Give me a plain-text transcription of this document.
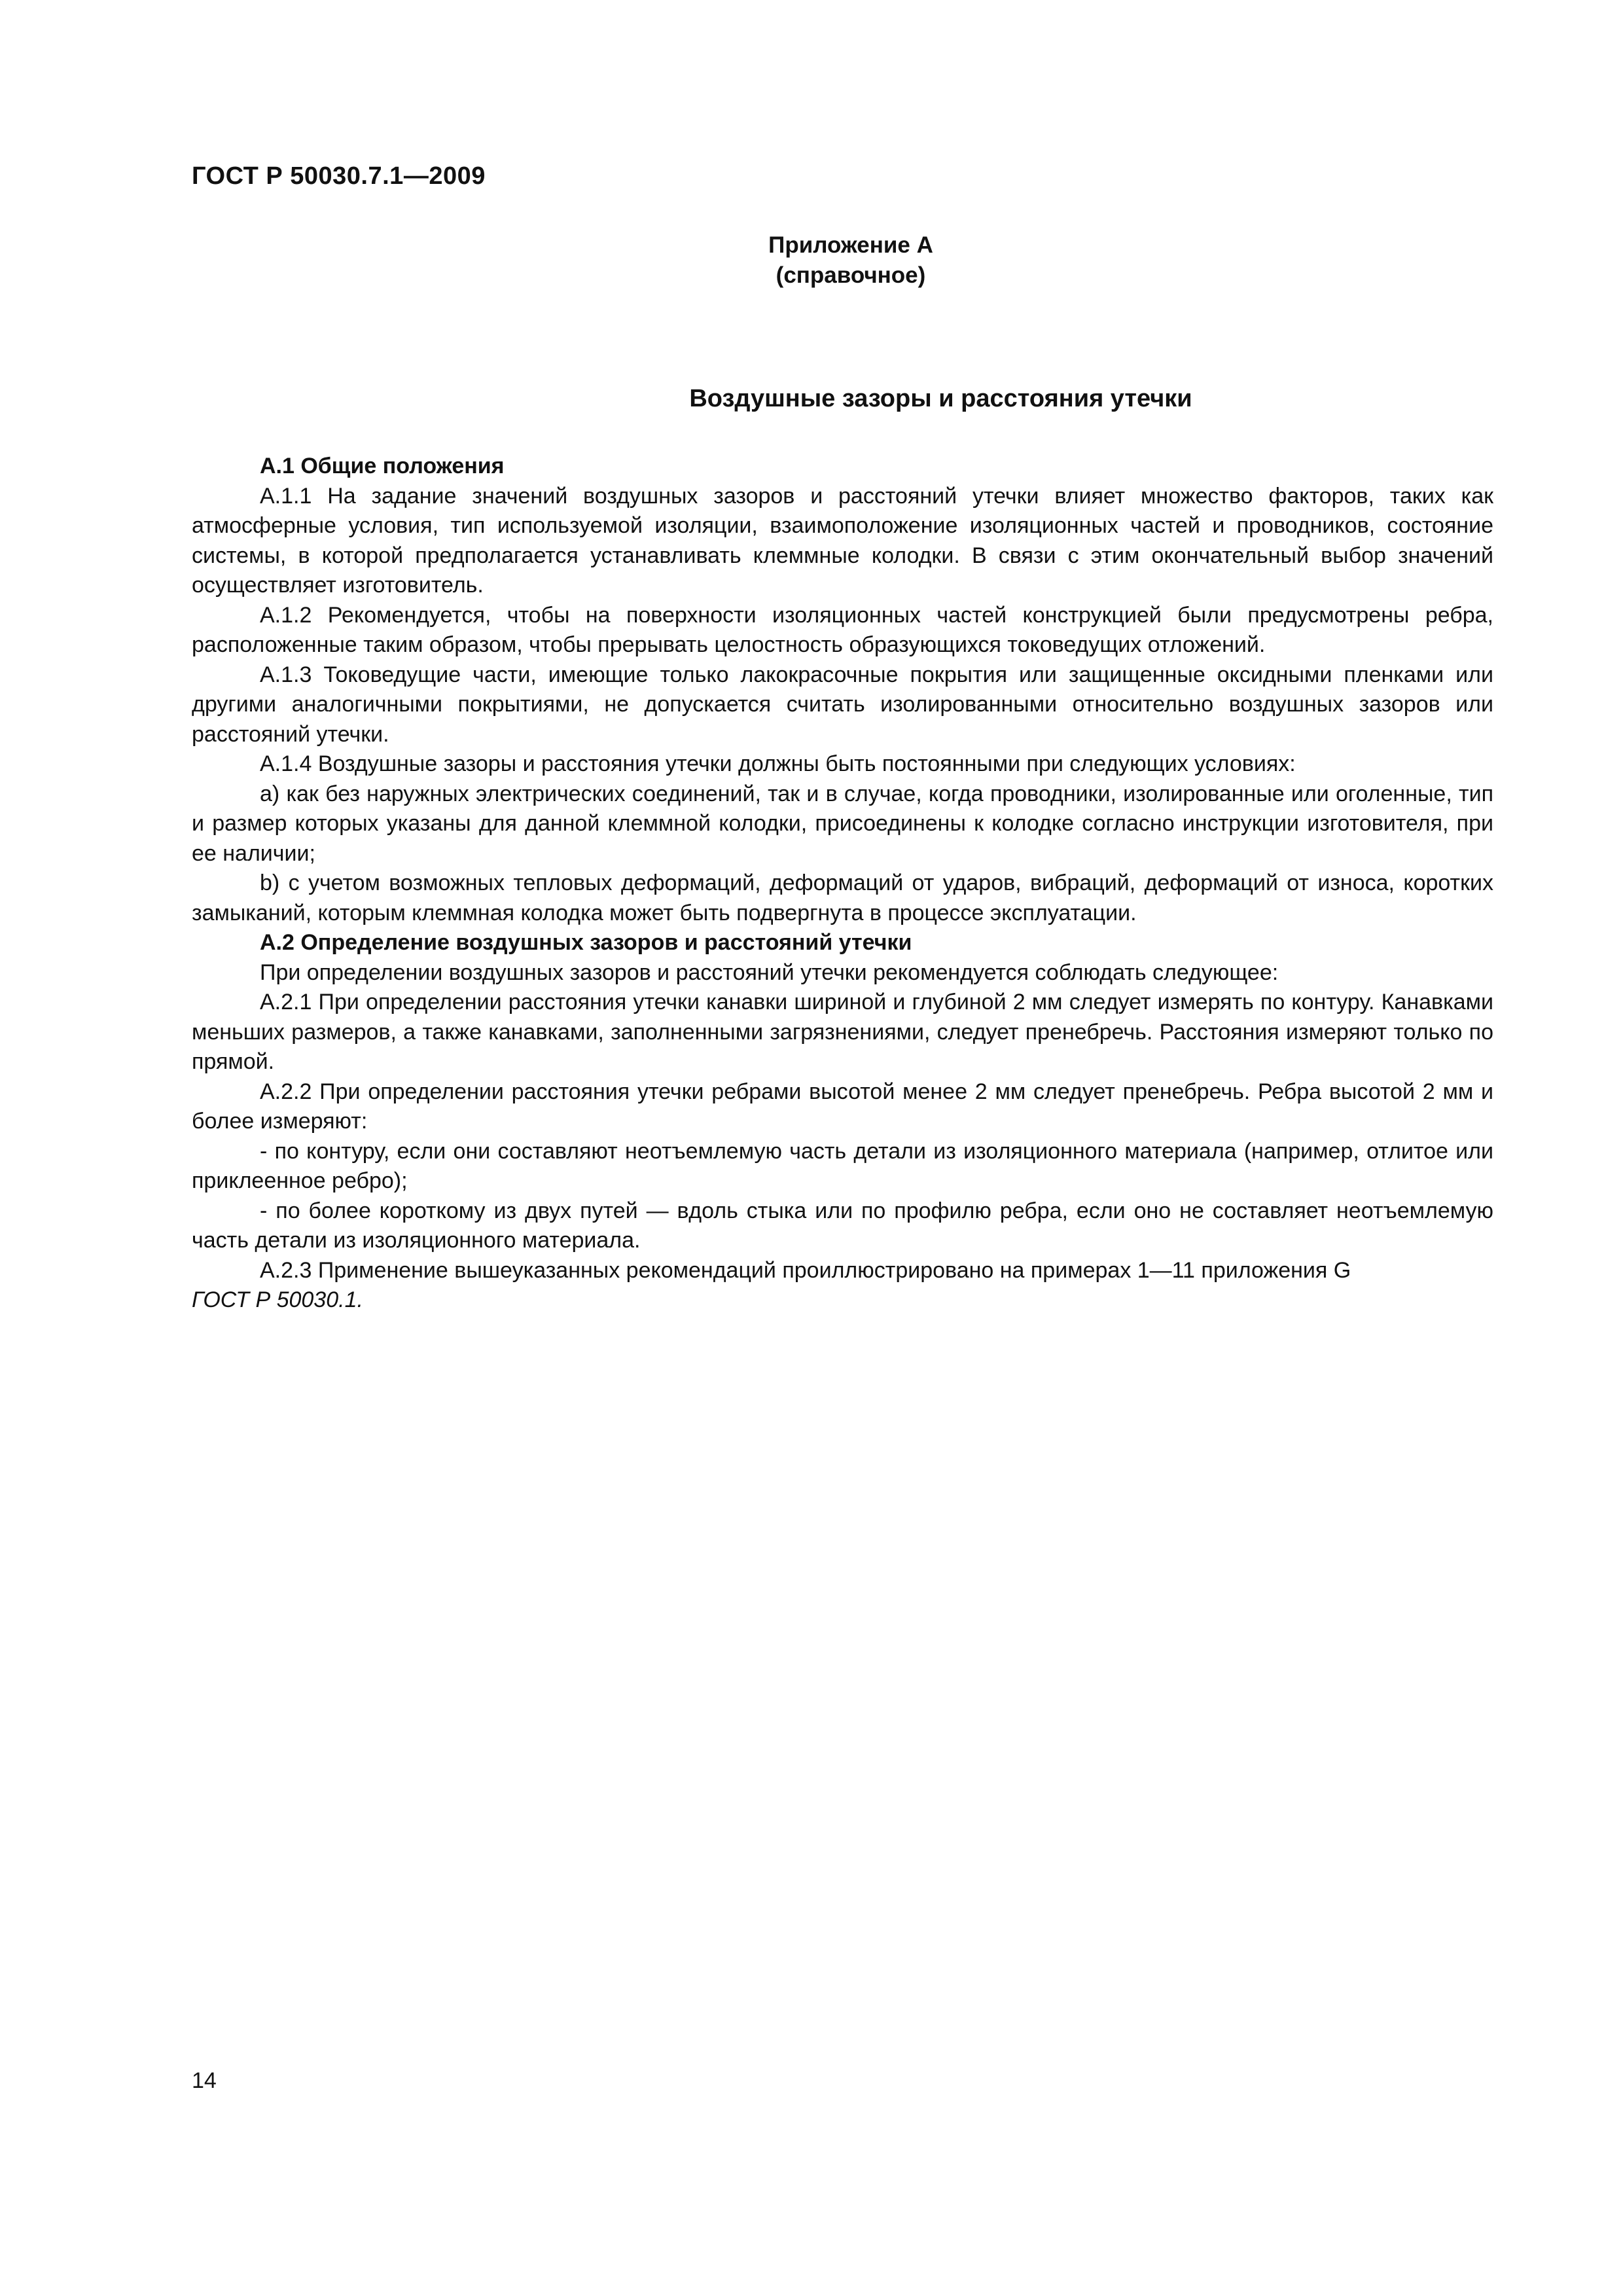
ГОСТ Р 50030.7.1—2009
Приложение А
(справочное)
Воздушные зазоры и расстояния утечки

А.1 Общие положения

А.1.1 На задание значений воздушных зазоров и расстояний утечки влияет множество факторов, таких как атмосферные условия, тип используемой изоляции, взаимоположение изоляционных частей и проводников, состояние системы, в которой предполагается устанавливать клеммные колодки. В связи с этим окончательный выбор значений осуществляет изготовитель.

А.1.2 Рекомендуется, чтобы на поверхности изоляционных частей конструкцией были предусмотрены ребра, расположенные таким образом, чтобы прерывать целостность образующихся токоведущих отложений.

А.1.3 Токоведущие части, имеющие только лакокрасочные покрытия или защищенные оксидными пленками или другими аналогичными покрытиями, не допускается считать изолированными относительно воздушных зазоров или расстояний утечки.

А.1.4 Воздушные зазоры и расстояния утечки должны быть постоянными при следующих условиях:

а) как без наружных электрических соединений, так и в случае, когда проводники, изолированные или оголенные, тип и размер которых указаны для данной клеммной колодки, присоединены к колодке согласно инструкции изготовителя, при ее наличии;

b) с учетом возможных тепловых деформаций, деформаций от ударов, вибраций, деформаций от износа, коротких замыканий, которым клеммная колодка может быть подвергнута в процессе эксплуатации.

А.2 Определение воздушных зазоров и расстояний утечки

При определении воздушных зазоров и расстояний утечки рекомендуется соблюдать следующее:

А.2.1 При определении расстояния утечки канавки шириной и глубиной 2 мм следует измерять по контуру. Канавками меньших размеров, а также канавками, заполненными загрязнениями, следует пренебречь. Расстояния измеряют только по прямой.

А.2.2 При определении расстояния утечки ребрами высотой менее 2 мм следует пренебречь. Ребра высотой 2 мм и более измеряют:

- по контуру, если они составляют неотъемлемую часть детали из изоляционного материала (например, отлитое или приклеенное ребро);

- по более короткому из двух путей — вдоль стыка или по профилю ребра, если оно не составляет неотъемлемую часть детали из изоляционного материала.

А.2.3 Применение вышеуказанных рекомендаций проиллюстрировано на примерах 1—11 приложения G
ГОСТ Р 50030.1.

14
